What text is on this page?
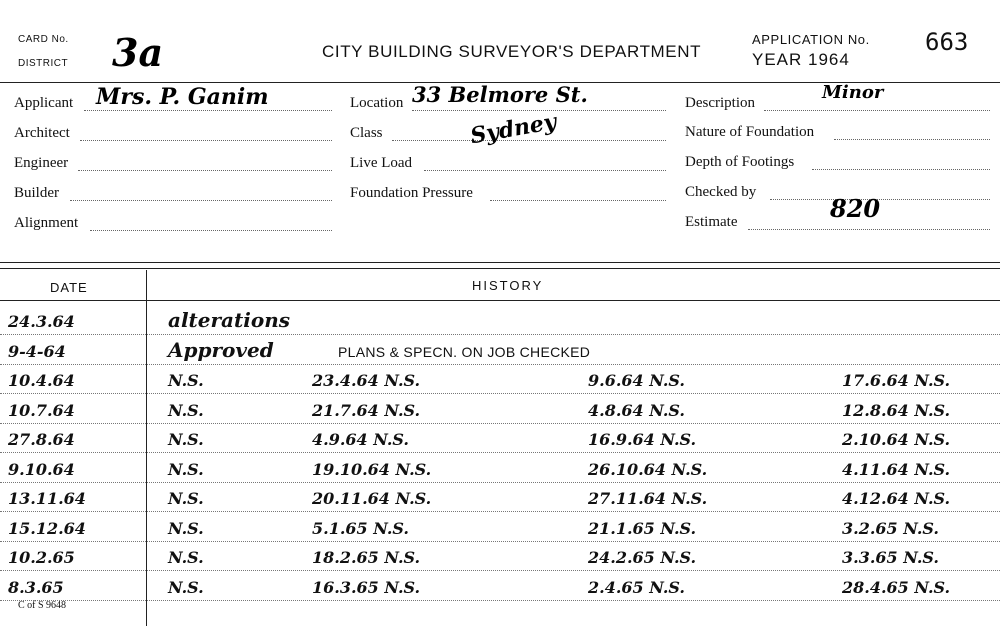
CARD No.
DISTRICT 3a	CITY BUILDING SURVEYOR'S DEPARTMENT
APPLICATION No.
YEAR 1964
663
Applicant Mrs. P. Ganim
Architect
Engineer
Builder
Alignment
Location 33 Belmore St.
Class	Sydney
Live Load
Foundation Pressure
Description	Minor
Nature of Foundation
Depth of Footings
Checked by
Estimate	820
DATE	HISTORY
24.3.64	alterations
9-4-64	Approved	PLANS & SPECN. ON JOB CHECKED
10.4.64	N.S.	23.4.64 N.S.	9.6.64 N.S.	17.6.64 N.S.
10.7.64	N.S.	21.7.64 N.S.	4.8.64 N.S.	12.8.64 N.S.
27.8.64	N.S.	4.9.64 N.S.	16.9.64 N.S.	2.10.64 N.S.
9.10.64	N.S.	19.10.64 N.S.	26.10.64 N.S.	4.11.64 N.S.
13.11.64	N.S.	20.11.64 N.S.	27.11.64 N.S.	4.12.64 N.S.
15.12.64	N.S.	5.1.65 N.S.	21.1.65 N.S.	3.2.65 N.S.
10.2.65	N.S.	18.2.65 N.S.	24.2.65 N.S.	3.3.65 N.S.
8.3.65	N.S.	16.3.65 N.S.	2.4.65 N.S.	28.4.65 N.S.
C of S 9648
